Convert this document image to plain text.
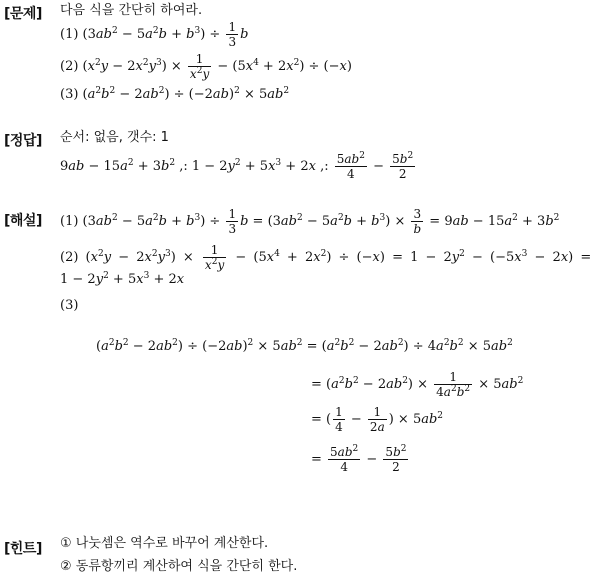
[문제] 다음 식을 간단히 하여라.
(1) $(3ab^2 - 5a^2b + b^3) \div \frac{1}{3}$ b
(2) $(x^2y - 2x^2y^3) \times \frac{1}{x^2y} - (5x^4 + 2x^2) \div (-x)$
(3) $(a^2b^2 - 2ab^2) \div (-2ab)^2 \times 5ab^2$
[정답] 순서: 없음, 갯수: 1
$9ab - 15a^2 + 3b^2$ ,: $1 - 2y^2 + 5x^3 + 2x$ ,: $\frac{5ab^2}{4} - \frac{5b^2}{2}$
[해설] (1) $(3ab^2 - 5a^2b + b^3) \div \frac{1}{3}$ $b = (3ab^2 - 5a^2b + b^3) \times \frac{3}{b} = 9ab - 15a^2 + 3b^2$
(2) $(x^2y - 2x^2y^3) \times \frac{1}{x^2y} - (5x^4 + 2x^2) \div (-x) = 1 - 2y^2 - (-5x^3 - 2x)$ =
$1 - 2y^2 + 5x^3 + 2x$
(3)
$(a^2b^2 - 2ab^2) \div (-2ab)^2 \times 5ab^2 = (a^2b^2 - 2ab^2) \div 4a^2b^2 \times 5ab^2$
= $(a^2b^2 - 2ab^2) \times \frac{1}{4a^2b^2} \times 5ab^2$
= ( $\frac{1}{4} - \frac{1}{2a}$ ) × $5ab^2$
= $\frac{5ab^2}{4} - \frac{5b^2}{2}$
[힌트] ① 나눗셈은 역수로 바꾸어 계산한다.
② 동류항끼리 계산하여 식을 간단히 한다.
